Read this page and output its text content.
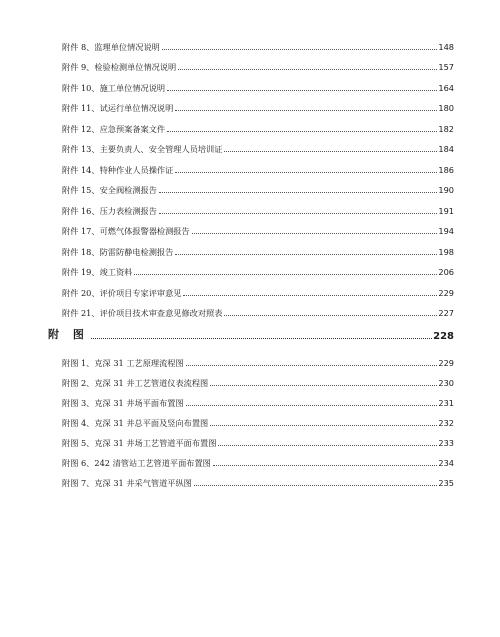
附件 8、监理单位情况说明	148
附件 9、检验检测单位情况说明	157
附件 10、施工单位情况说明	164
附件 11、试运行单位情况说明	180
附件 12、应急预案备案文件	182
附件 13、主要负责人、安全管理人员培训证	184
附件 14、特种作业人员操作证	186
附件 15、安全阀检测报告	190
附件 16、压力表检测报告	191
附件 17、可燃气体报警器检测报告	194
附件 18、防雷防静电检测报告	198
附件 19、竣工资料	206
附件 20、评价项目专家评审意见	229
附件 21、评价项目技术审查意见修改对照表	227
附 图	228
附图 1、克深 31 工艺原理流程图	229
附图 2、克深 31 井工艺管道仪表流程图	230
附图 3、克深 31 井场平面布置图	231
附图 4、克深 31 井总平面及竖向布置图	232
附图 5、克深 31 井场工艺管道平面布置图	233
附图 6、242 清管站工艺管道平面布置图	234
附图 7、克深 31 井采气管道平纵图	235
